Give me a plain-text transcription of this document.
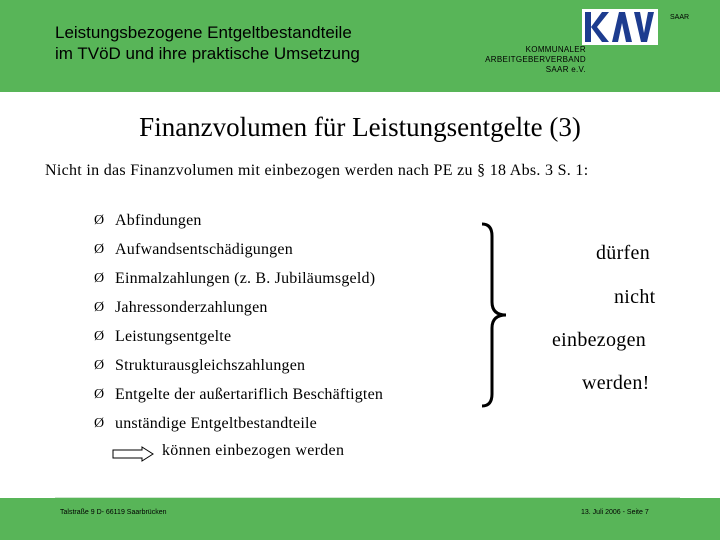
Leistungsbezogene Entgeltbestandteile
im TVöD und ihre praktische Umsetzung
SAAR
KOMMUNALER
ARBEITGEBERVERBAND
SAAR e.V.
Finanzvolumen für Leistungsentgelte (3)
Nicht in das Finanzvolumen mit einbezogen werden nach PE zu § 18 Abs. 3 S. 1:
Ø Abfindungen
Ø Aufwandsentschädigungen
Ø Einmalzahlungen (z. B. Jubiläumsgeld)
Ø Jahressonderzahlungen
Ø Leistungsentgelte
Ø Strukturausgleichszahlungen
Ø Entgelte der außertariflich Beschäftigten
Ø unständige Entgeltbestandteile
können einbezogen werden
dürfen
nicht
einbezogen
werden!
Talstraße 9 D- 66119 Saarbrücken	13. Juli 2006 - Seite 7
